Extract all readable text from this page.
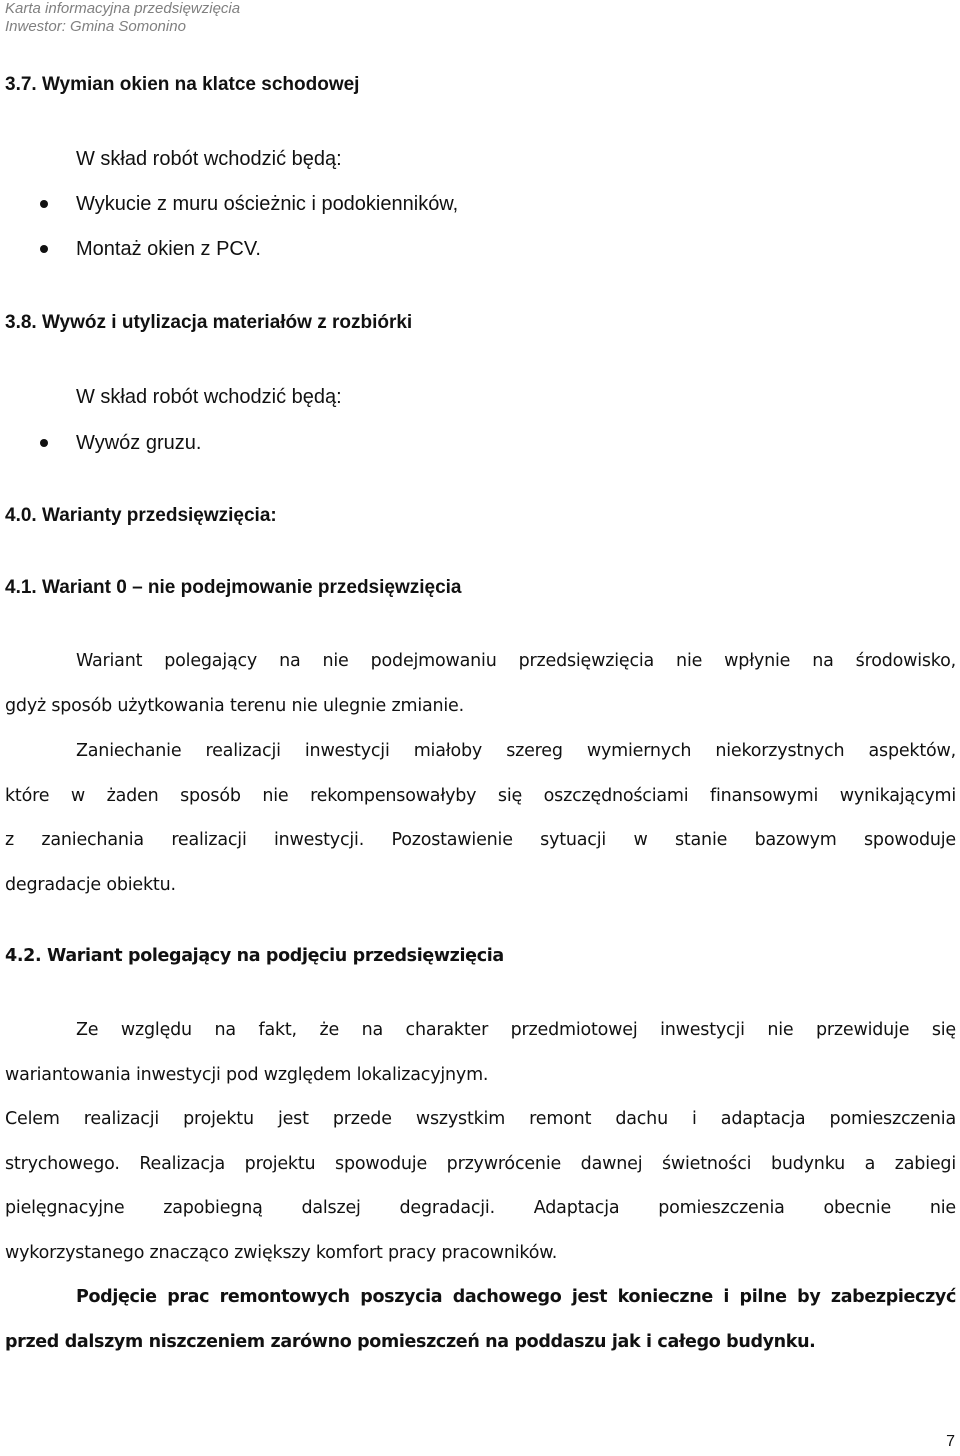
Karta informacyjna przedsięwzięcia
Inwestor: Gmina Somonino
3.7. Wymian okien na klatce schodowej
W skład robót wchodzić będą:
Wykucie z muru ościeżnic i podokienników,
Montaż okien z PCV.
3.8. Wywóz i utylizacja materiałów z rozbiórki
W skład robót wchodzić będą:
Wywóz gruzu.
4.0. Warianty przedsięwzięcia:
4.1. Wariant 0 – nie podejmowanie przedsięwzięcia
Wariant polegający na nie podejmowaniu przedsięwzięcia nie wpłynie na środowisko,
gdyż sposób użytkowania terenu nie ulegnie zmianie.
Zaniechanie realizacji inwestycji miałoby szereg wymiernych niekorzystnych aspektów,
które w żaden sposób nie rekompensowałyby się oszczędnościami finansowymi wynikającymi
z zaniechania realizacji inwestycji. Pozostawienie sytuacji w stanie bazowym spowoduje
degradacje obiektu.
4.2. Wariant polegający na podjęciu przedsięwzięcia
Ze względu na fakt, że na charakter przedmiotowej inwestycji nie przewiduje się
wariantowania inwestycji pod względem lokalizacyjnym.
Celem realizacji projektu jest przede wszystkim remont dachu i adaptacja pomieszczenia
strychowego. Realizacja projektu spowoduje przywrócenie dawnej świetności budynku a zabiegi
pielęgnacyjne zapobiegną dalszej degradacji. Adaptacja pomieszczenia obecnie nie
wykorzystanego znacząco zwiększy komfort pracy pracowników.
Podjęcie prac remontowych poszycia dachowego jest konieczne i pilne by zabezpieczyć
przed dalszym niszczeniem zarówno pomieszczeń na poddaszu jak i całego budynku.
7
